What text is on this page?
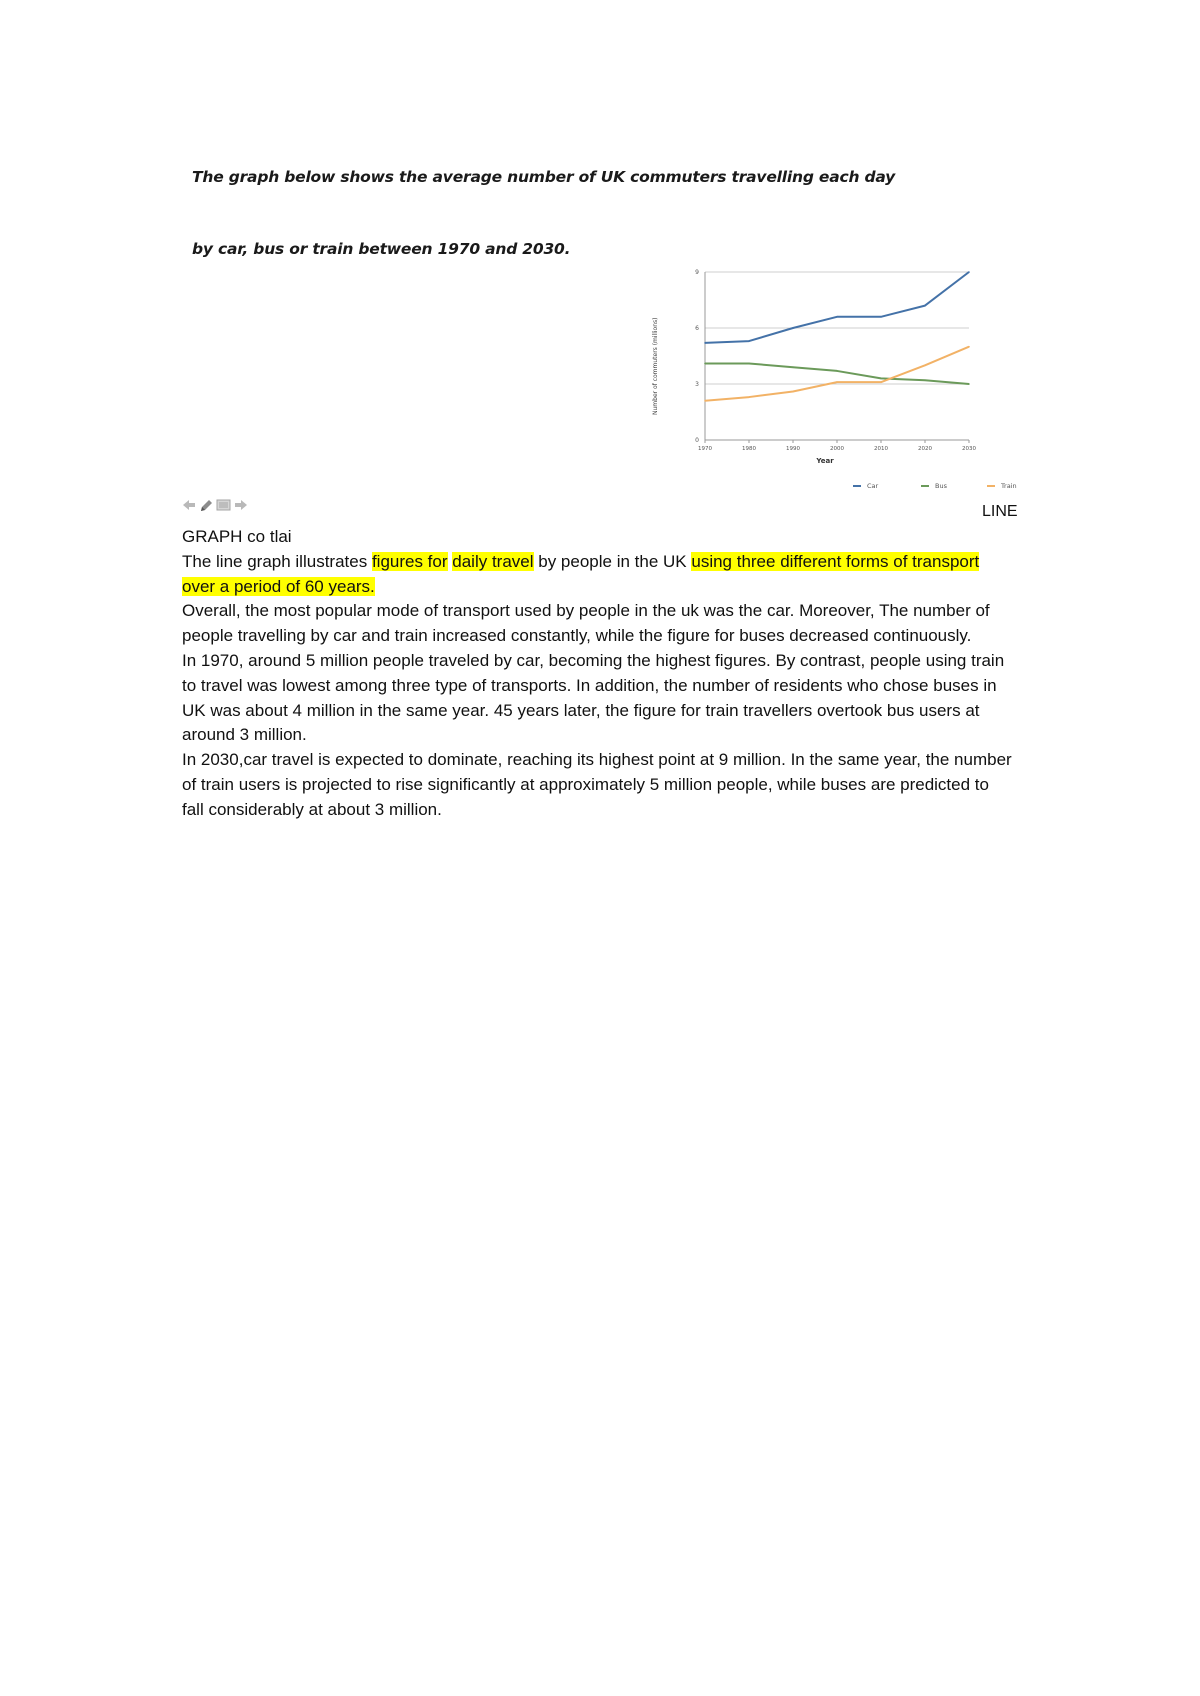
The graph below shows the average number of UK commuters travelling each day

by car, bus or train between 1970 and 2030.

0
3
6
9
1970	1980	1990	2000	2010	2020	2030
Number of commuters (millions)
Year
Car	Bus	Train

LINE

GRAPH co tlai

The line graph illustrates figures for daily travel by people in the UK using three different forms of transport over a period of 60 years.

Overall, the most popular mode of transport used by people in the uk was the car. Moreover, The number of people travelling by car and train increased constantly, while the figure for buses decreased continuously.

In 1970, around 5 million people traveled by car, becoming the highest figures. By contrast, people using train to travel was lowest among three type of transports. In addition, the number of residents who chose buses in UK was about 4 million in the same year. 45 years later, the figure for train travellers overtook bus users at around 3 million.

In 2030,car travel is expected to dominate, reaching its highest point at 9 million. In the same year, the number of train users is projected to rise significantly at approximately 5 million people, while buses are predicted to fall considerably at about 3 million.
